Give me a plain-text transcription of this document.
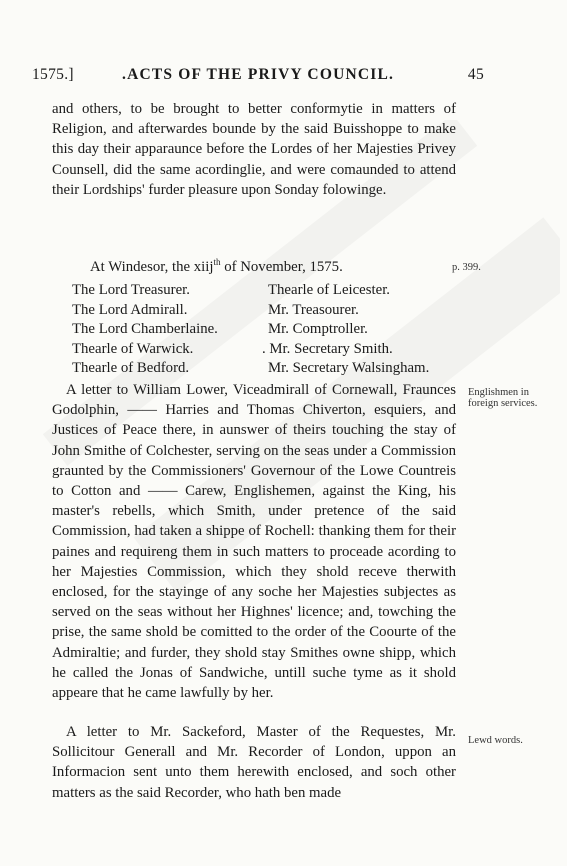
1575.]	.ACTS OF THE PRIVY COUNCIL.	45

and others, to be brought to better conformytie in matters of Religion, and afterwardes bounde by the said Buisshoppe to make this day their apparaunce before the Lordes of her Majesties Privey Counsell, did the same acordinglie, and were comaunded to attend their Lordships' furder pleasure upon Sonday folowinge.

At Windesor, the xiij$^{th}$ of November, 1575.	p. 399.
The Lord Treasurer.	Thearle of Leicester.
The Lord Admirall.	Mr. Treasourer.
The Lord Chamberlaine.	Mr. Comptroller.
Thearle of Warwick.	. Mr. Secretary Smith.
Thearle of Bedford.	Mr. Secretary Walsingham.

A letter to William Lower, Viceadmirall of Cornewall, Fraunces Godolphin, —— Harries and Thomas Chiverton, esquiers, and Justices of Peace there, in aunswer of theirs touching the stay of John Smithe of Colchester, serving on the seas under a Commission graunted by the Commissioners' Governour of the Lowe Countreis to Cotton and —— Carew, Englishemen, against the King, his master's rebells, which Smith, under pretence of the said Commission, had taken a shippe of Rochell: thanking them for their paines and requireng them in such matters to proceade acording to her Majesties Commission, which they shold receve therwith enclosed, for the stayinge of any soche her Majesties subjectes as served on the seas without her Highnes' licence; and, towching the prise, the same shold be comitted to the order of the Coourte of the Admiraltie; and furder, they shold stay Smithes owne shipp, which he called the Jonas of Sandwiche, untill suche tyme as it shold appeare that he came lawfully by her.

Englishmen in foreign services.

A letter to Mr. Sackeford, Master of the Requestes, Mr. Sollicitour Generall and Mr. Recorder of London, uppon an Informacion sent unto them herewith enclosed, and soch other matters as the said Recorder, who hath ben made

Lewd words.
